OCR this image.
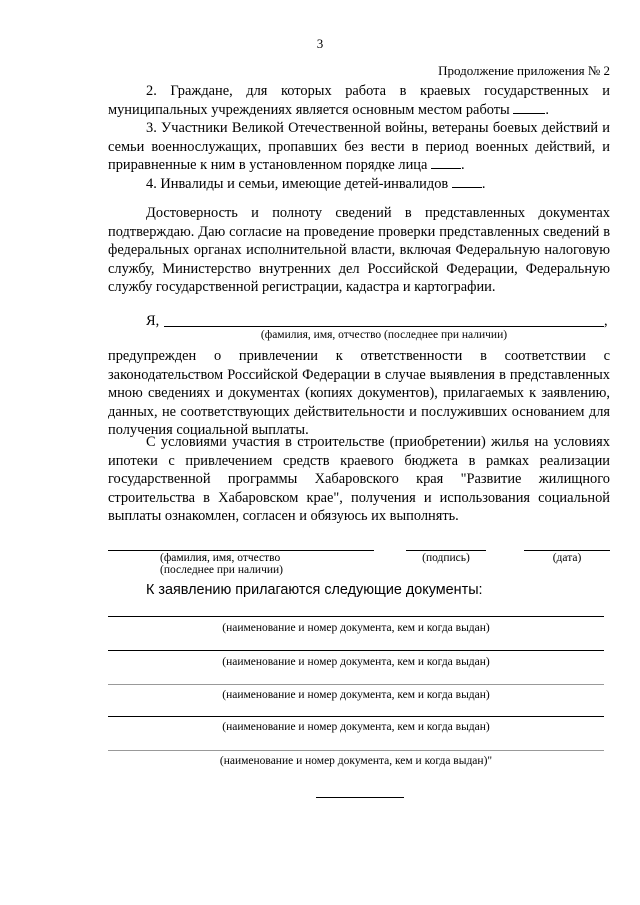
3
Продолжение приложения № 2

2. Граждане, для которых работа в краевых государственных и муниципальных учреждениях является основным местом работы .

3. Участники Великой Отечественной войны, ветераны боевых действий и семьи военнослужащих, пропавших без вести в период военных действий, и приравненные к ним в установленном порядке лица .

4. Инвалиды и семьи, имеющие детей-инвалидов .

Достоверность и полноту сведений в представленных документах подтверждаю. Даю согласие на проведение проверки представленных сведений в федеральных органах исполнительной власти, включая Федеральную налоговую службу, Министерство внутренних дел Российской Федерации, Федеральную службу государственной регистрации, кадастра и картографии.

Я,	,
(фамилия, имя, отчество (последнее при наличии)

предупрежден о привлечении к ответственности в соответствии с законодательством Российской Федерации в случае выявления в представленных мною сведениях и документах (копиях документов), прилагаемых к заявлению, данных, не соответствующих действительности и послуживших основанием для получения социальной выплаты.

С условиями участия в строительстве (приобретении) жилья на условиях ипотеки с привлечением средств краевого бюджета в рамках реализации государственной программы Хабаровского края "Развитие жилищного строительства в Хабаровском крае", получения и использования социальной выплаты ознакомлен, согласен и обязуюсь их выполнять.

(фамилия, имя, отчество
(последнее при наличии)
(подпись)	(дата)
К заявлению прилагаются следующие документы:
(наименование и номер документа, кем и когда выдан)
(наименование и номер документа, кем и когда выдан)
(наименование и номер документа, кем и когда выдан)
(наименование и номер документа, кем и когда выдан)
(наименование и номер документа, кем и когда выдан)"
